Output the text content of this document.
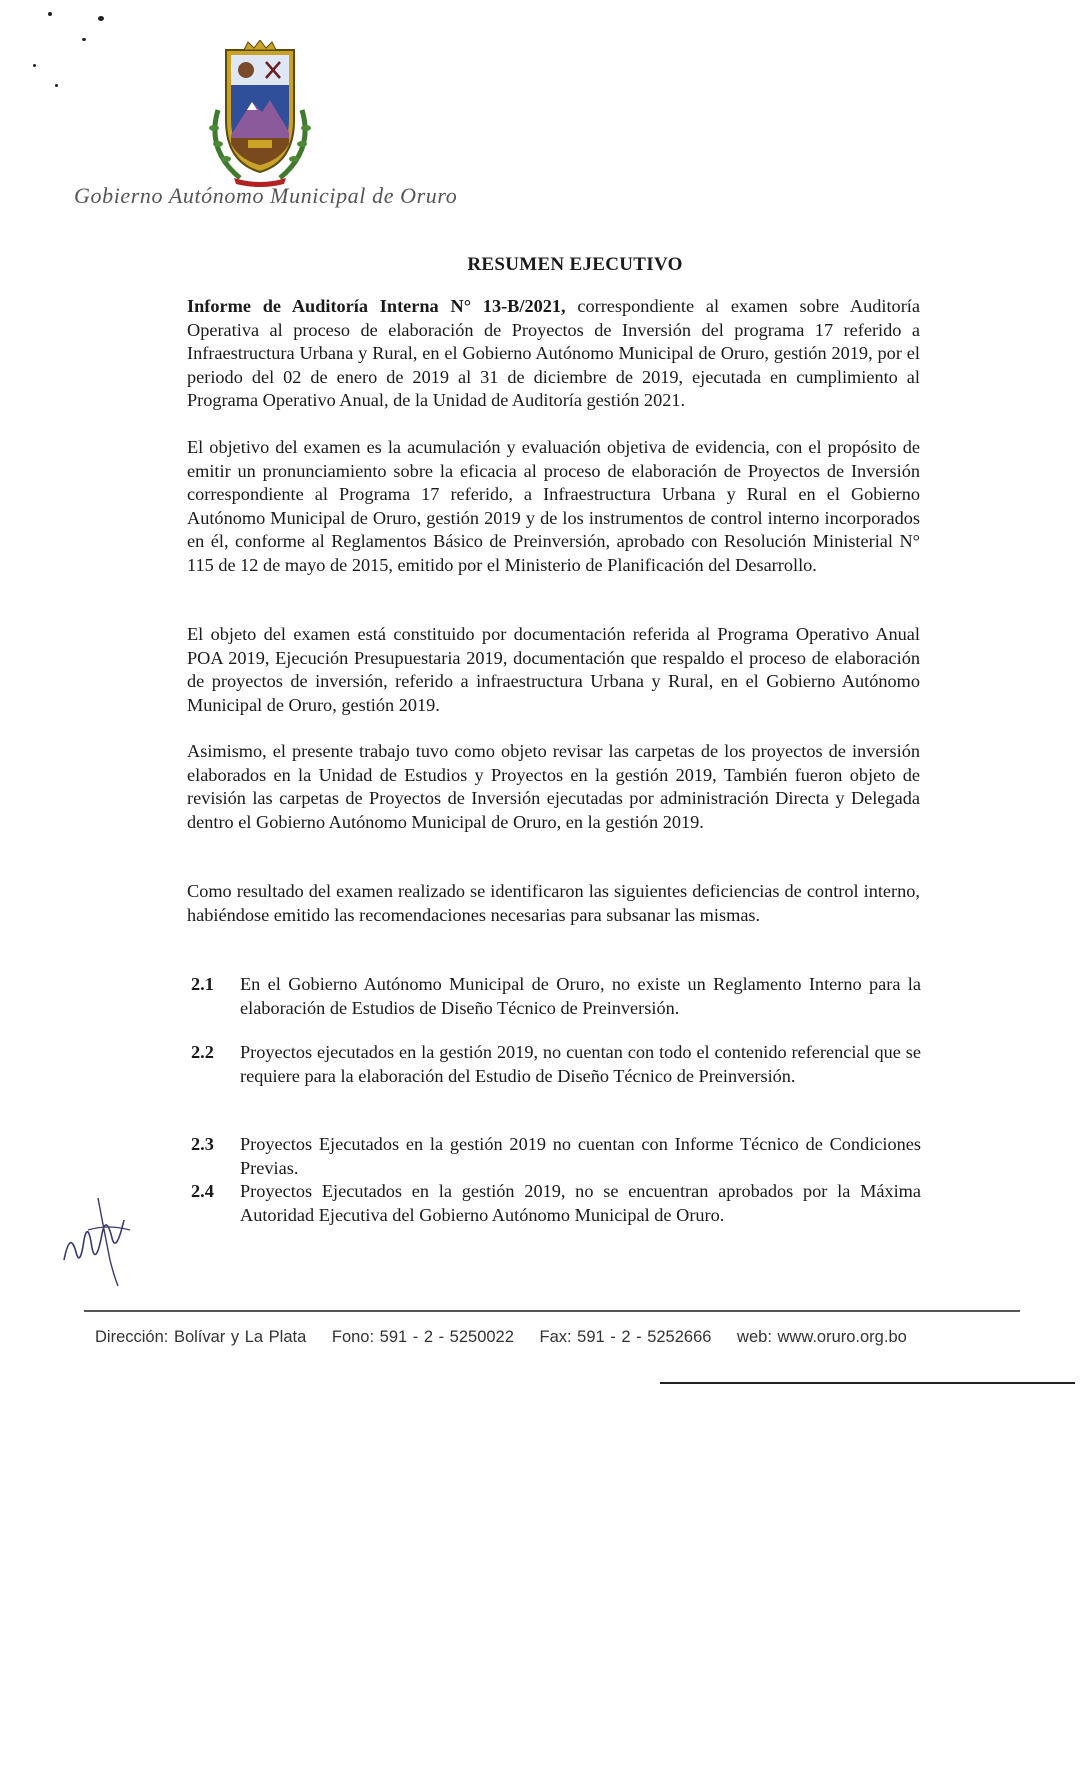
Gobierno Autónomo Municipal de Oruro
RESUMEN EJECUTIVO

Informe de Auditoría Interna N° 13-B/2021, correspondiente al examen sobre Auditoría Operativa al proceso de elaboración de Proyectos de Inversión del programa 17 referido a Infraestructura Urbana y Rural, en el Gobierno Autónomo Municipal de Oruro, gestión 2019, por el periodo del 02 de enero de 2019 al 31 de diciembre de 2019, ejecutada en cumplimiento al Programa Operativo Anual, de la Unidad de Auditoría gestión 2021.

El objetivo del examen es la acumulación y evaluación objetiva de evidencia, con el propósito de emitir un pronunciamiento sobre la eficacia al proceso de elaboración de Proyectos de Inversión correspondiente al Programa 17 referido, a Infraestructura Urbana y Rural en el Gobierno Autónomo Municipal de Oruro, gestión 2019 y de los instrumentos de control interno incorporados en él, conforme al Reglamentos Básico de Preinversión, aprobado con Resolución Ministerial N° 115 de 12 de mayo de 2015, emitido por el Ministerio de Planificación del Desarrollo.

El objeto del examen está constituido por documentación referida al Programa Operativo Anual POA 2019, Ejecución Presupuestaria 2019, documentación que respaldo el proceso de elaboración de proyectos de inversión, referido a infraestructura Urbana y Rural, en el Gobierno Autónomo Municipal de Oruro, gestión 2019.

Asimismo, el presente trabajo tuvo como objeto revisar las carpetas de los proyectos de inversión elaborados en la Unidad de Estudios y Proyectos en la gestión 2019, También fueron objeto de revisión las carpetas de Proyectos de Inversión ejecutadas por administración Directa y Delegada dentro el Gobierno Autónomo Municipal de Oruro, en la gestión 2019.

Como resultado del examen realizado se identificaron las siguientes deficiencias de control interno, habiéndose emitido las recomendaciones necesarias para subsanar las mismas.

2.1	En el Gobierno Autónomo Municipal de Oruro, no existe un Reglamento Interno para la elaboración de Estudios de Diseño Técnico de Preinversión.
2.2	Proyectos ejecutados en la gestión 2019, no cuentan con todo el contenido referencial que se requiere para la elaboración del Estudio de Diseño Técnico de Preinversión.
2.3	Proyectos Ejecutados en la gestión 2019 no cuentan con Informe Técnico de Condiciones Previas.
2.4	Proyectos Ejecutados en la gestión 2019, no se encuentran aprobados por la Máxima Autoridad Ejecutiva del Gobierno Autónomo Municipal de Oruro.
Dirección: Bolívar y La Plata Fono: 591 - 2 - 5250022 Fax: 591 - 2 - 5252666 web: www.oruro.org.bo
